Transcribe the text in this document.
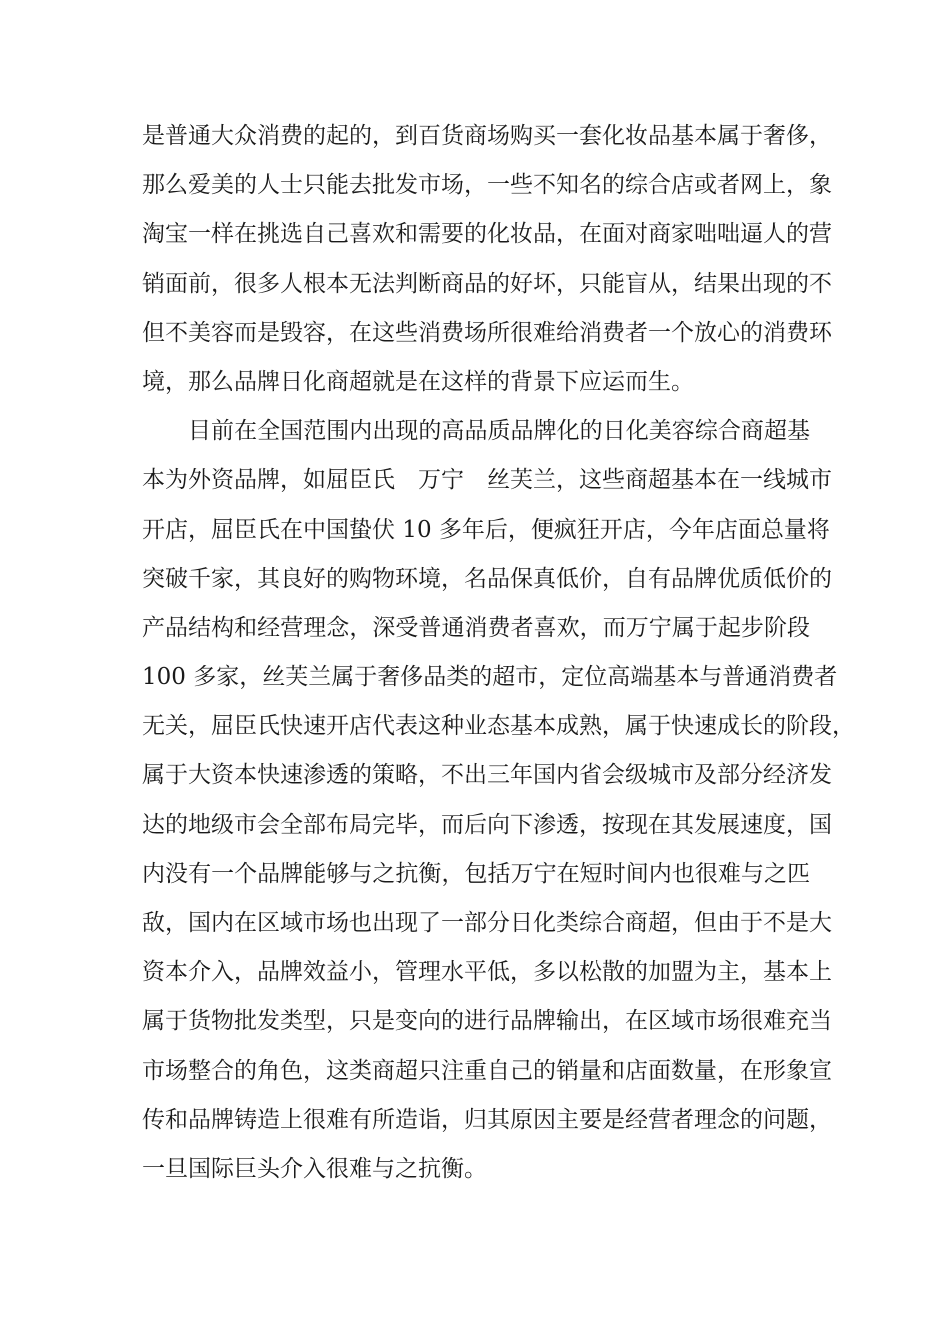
是普通大众消费的起的，到百货商场购买一套化妆品基本属于奢侈，
那么爱美的人士只能去批发市场，一些不知名的综合店或者网上，象
淘宝一样在挑选自己喜欢和需要的化妆品，在面对商家咄咄逼人的营
销面前，很多人根本无法判断商品的好坏，只能盲从，结果出现的不
但不美容而是毁容，在这些消费场所很难给消费者一个放心的消费环
境，那么品牌日化商超就是在这样的背景下应运而生。
目前在全国范围内出现的高品质品牌化的日化美容综合商超基
本为外资品牌，如屈臣氏　万宁　丝芙兰，这些商超基本在一线城市
开店，屈臣氏在中国蛰伏 10 多年后，便疯狂开店，今年店面总量将
突破千家，其良好的购物环境，名品保真低价，自有品牌优质低价的
产品结构和经营理念，深受普通消费者喜欢，而万宁属于起步阶段
100 多家，丝芙兰属于奢侈品类的超市，定位高端基本与普通消费者
无关，屈臣氏快速开店代表这种业态基本成熟，属于快速成长的阶段，
属于大资本快速渗透的策略，不出三年国内省会级城市及部分经济发
达的地级市会全部布局完毕，而后向下渗透，按现在其发展速度，国
内没有一个品牌能够与之抗衡，包括万宁在短时间内也很难与之匹
敌，国内在区域市场也出现了一部分日化类综合商超，但由于不是大
资本介入，品牌效益小，管理水平低，多以松散的加盟为主，基本上
属于货物批发类型，只是变向的进行品牌输出，在区域市场很难充当
市场整合的角色，这类商超只注重自己的销量和店面数量，在形象宣
传和品牌铸造上很难有所造诣，归其原因主要是经营者理念的问题，
一旦国际巨头介入很难与之抗衡。
